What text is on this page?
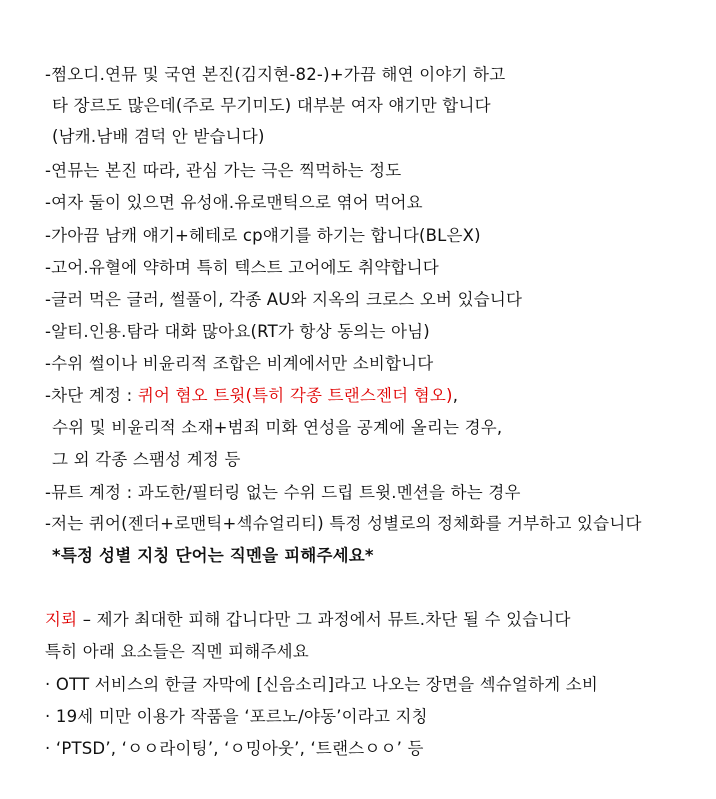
-쩜오디.연뮤 및 국연 본진(김지현-82-)+가끔 해연 이야기 하고
타 장르도 많은데(주로 무기미도) 대부분 여자 얘기만 합니다
(남캐.남배 겸덕 안 받습니다)
-연뮤는 본진 따라, 관심 가는 극은 찍먹하는 정도
-여자 둘이 있으면 유성애.유로맨틱으로 엮어 먹어요
-가아끔 남캐 얘기+헤테로 cp얘기를 하기는 합니다(BL은X)
-고어.유혈에 약하며 특히 텍스트 고어에도 취약합니다
-글러 먹은 글러, 썰풀이, 각종 AU와 지옥의 크로스 오버 있습니다
-알티.인용.탐라 대화 많아요(RT가 항상 동의는 아님)
-수위 썰이나 비윤리적 조합은 비계에서만 소비합니다
-차단 계정 : 퀴어 혐오 트윗(특히 각종 트랜스젠더 혐오),
수위 및 비윤리적 소재+범죄 미화 연성을 공계에 올리는 경우,
그 외 각종 스팸성 계정 등
-뮤트 계정 : 과도한/필터링 없는 수위 드립 트윗.멘션을 하는 경우
-저는 퀴어(젠더+로맨틱+섹슈얼리티) 특정 성별로의 정체화를 거부하고 있습니다
*특정 성별 지칭 단어는 직멘을 피해주세요*
지뢰 – 제가 최대한 피해 갑니다만 그 과정에서 뮤트.차단 될 수 있습니다
특히 아래 요소들은 직멘 피해주세요
· OTT 서비스의 한글 자막에 [신음소리]라고 나오는 장면을 섹슈얼하게 소비
· 19세 미만 이용가 작품을 ‘포르노/야동’이라고 지칭
· ‘PTSD’, ‘ㅇㅇ라이팅’, ‘ㅇ밍아웃’, ‘트랜스ㅇㅇ’ 등
